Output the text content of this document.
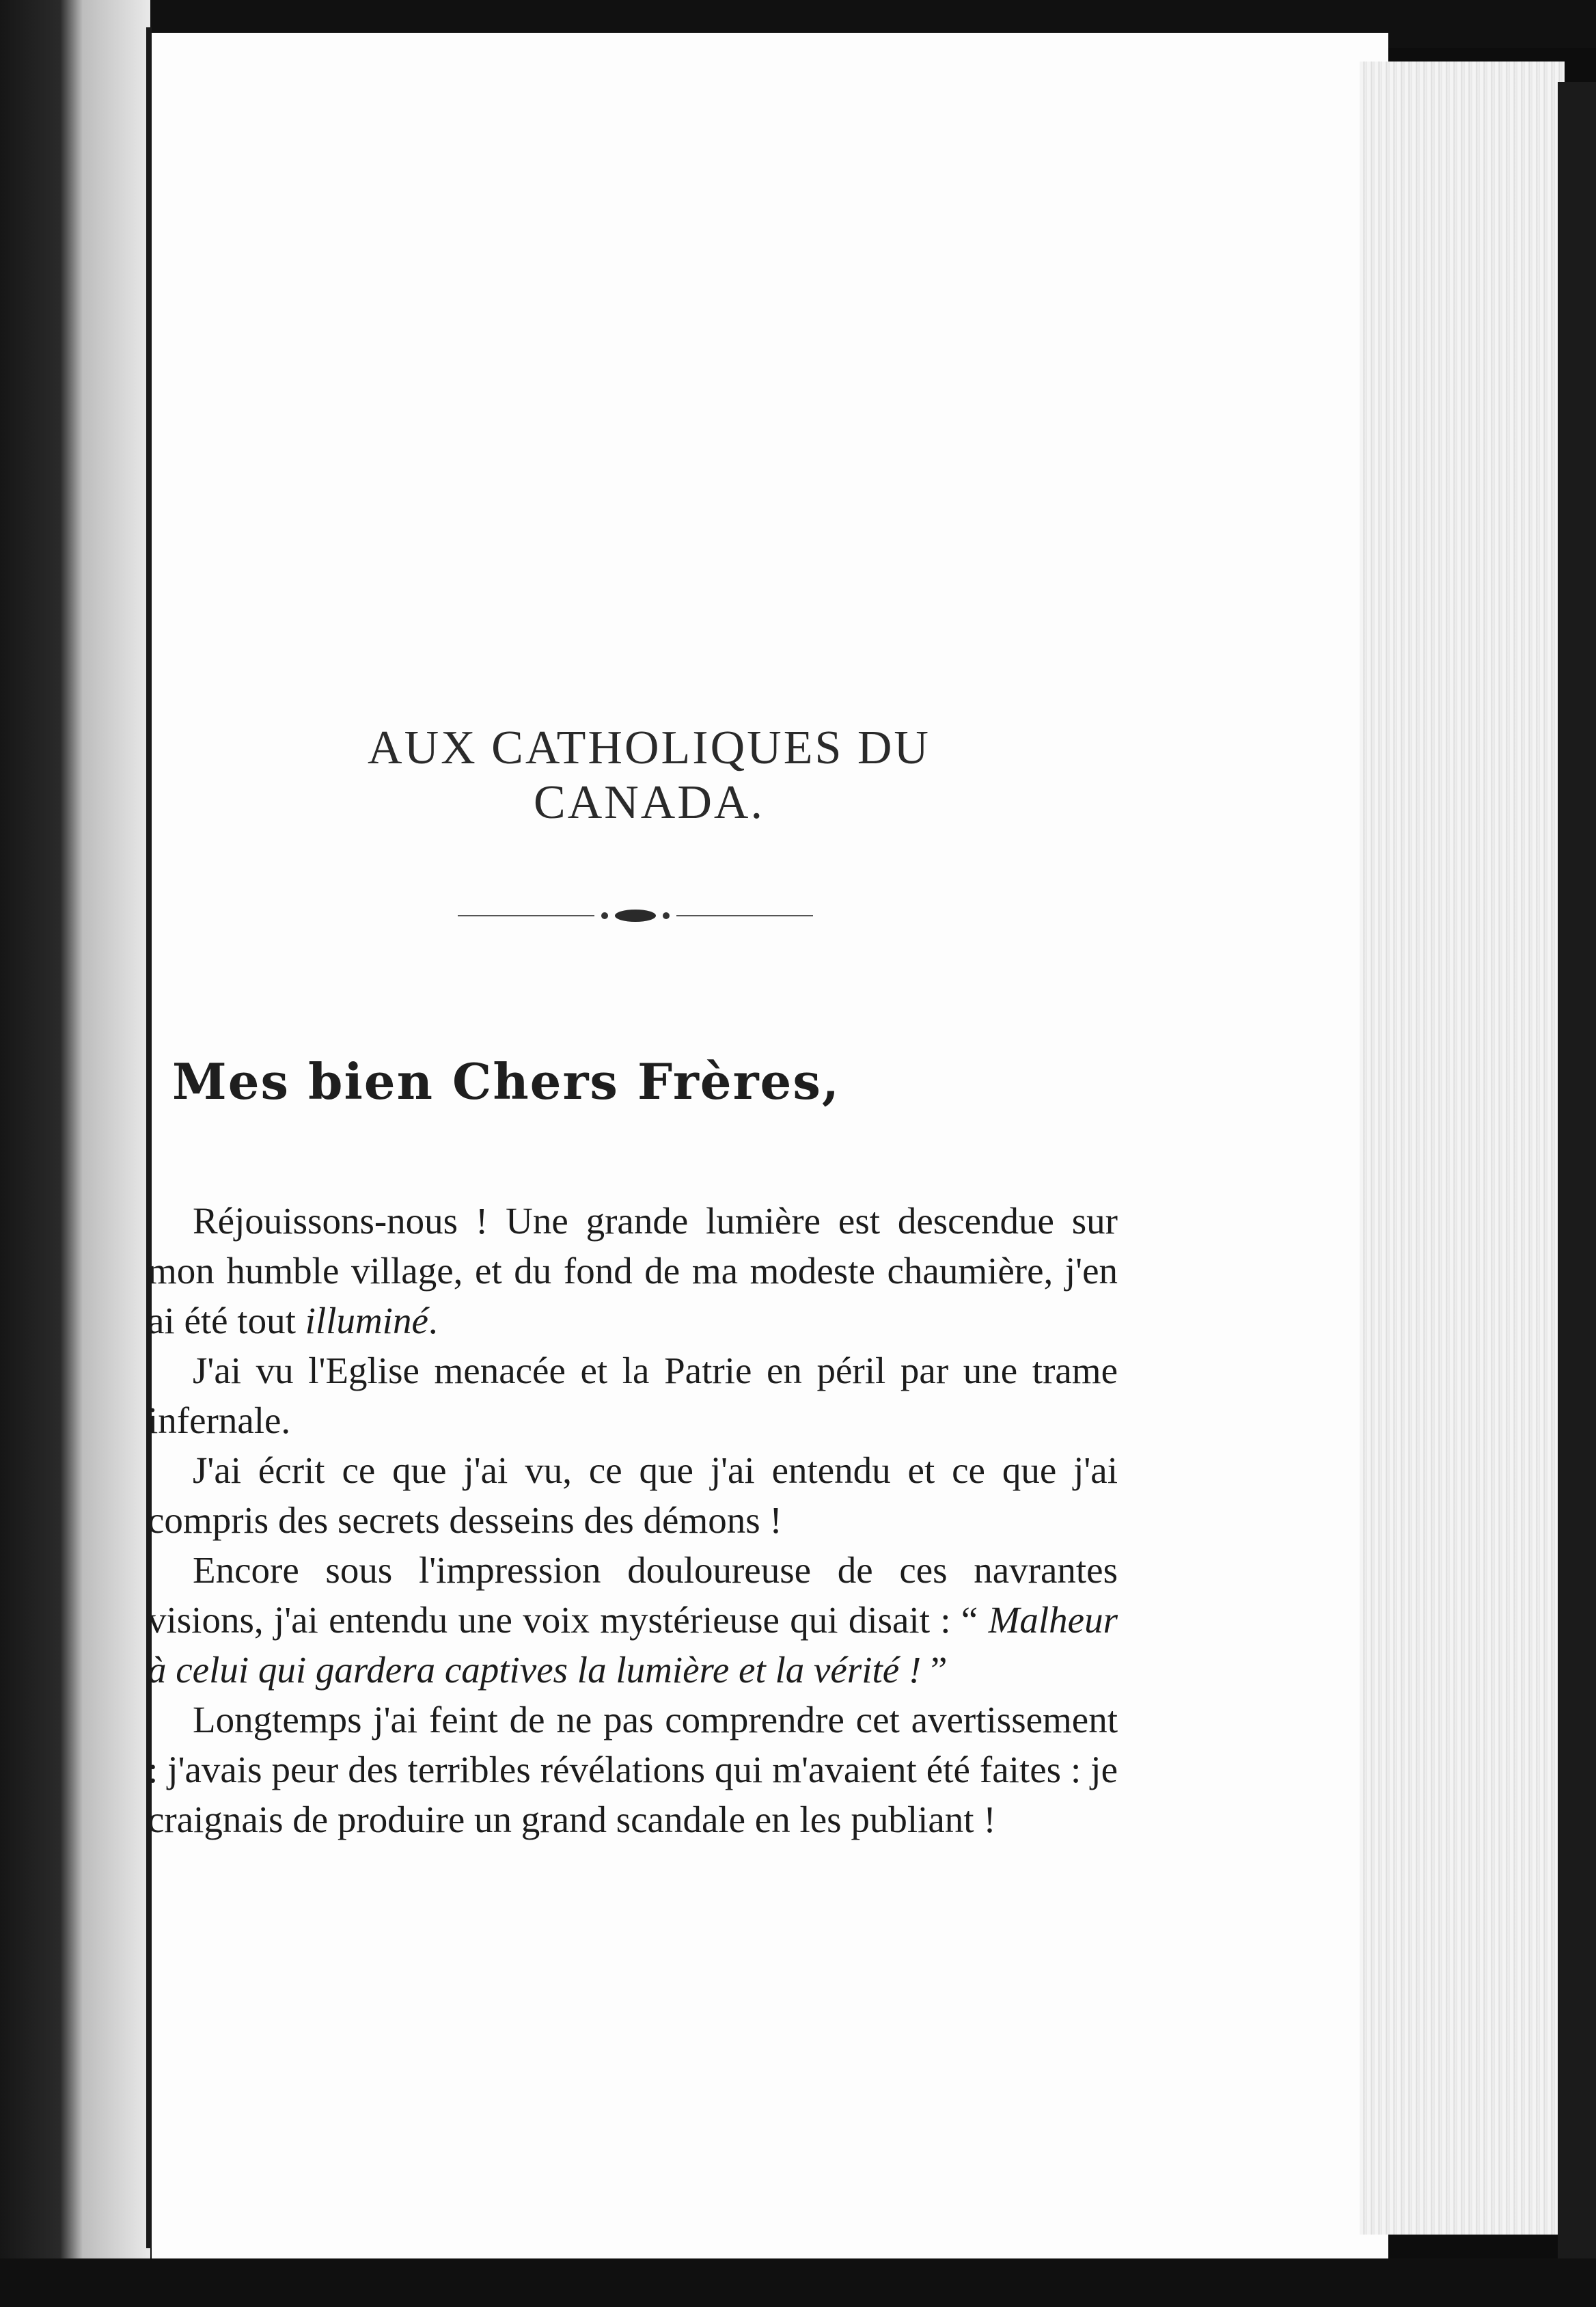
AUX CATHOLIQUES DU CANADA.
Mes bien Chers Frères,

Réjouissons-nous ! Une grande lumière est descendue sur mon humble village, et du fond de ma modeste chaumière, j'en ai été tout illuminé.

J'ai vu l'Eglise menacée et la Patrie en péril par une trame infernale.

J'ai écrit ce que j'ai vu, ce que j'ai entendu et ce que j'ai compris des secrets desseins des démons !

Encore sous l'impression douloureuse de ces navrantes visions, j'ai entendu une voix mystérieuse qui disait : “ Malheur à celui qui gardera captives la lumière et la vérité ! ”

Longtemps j'ai feint de ne pas comprendre cet avertissement : j'avais peur des terribles révélations qui m'avaient été faites : je craignais de produire un grand scandale en les publiant !
